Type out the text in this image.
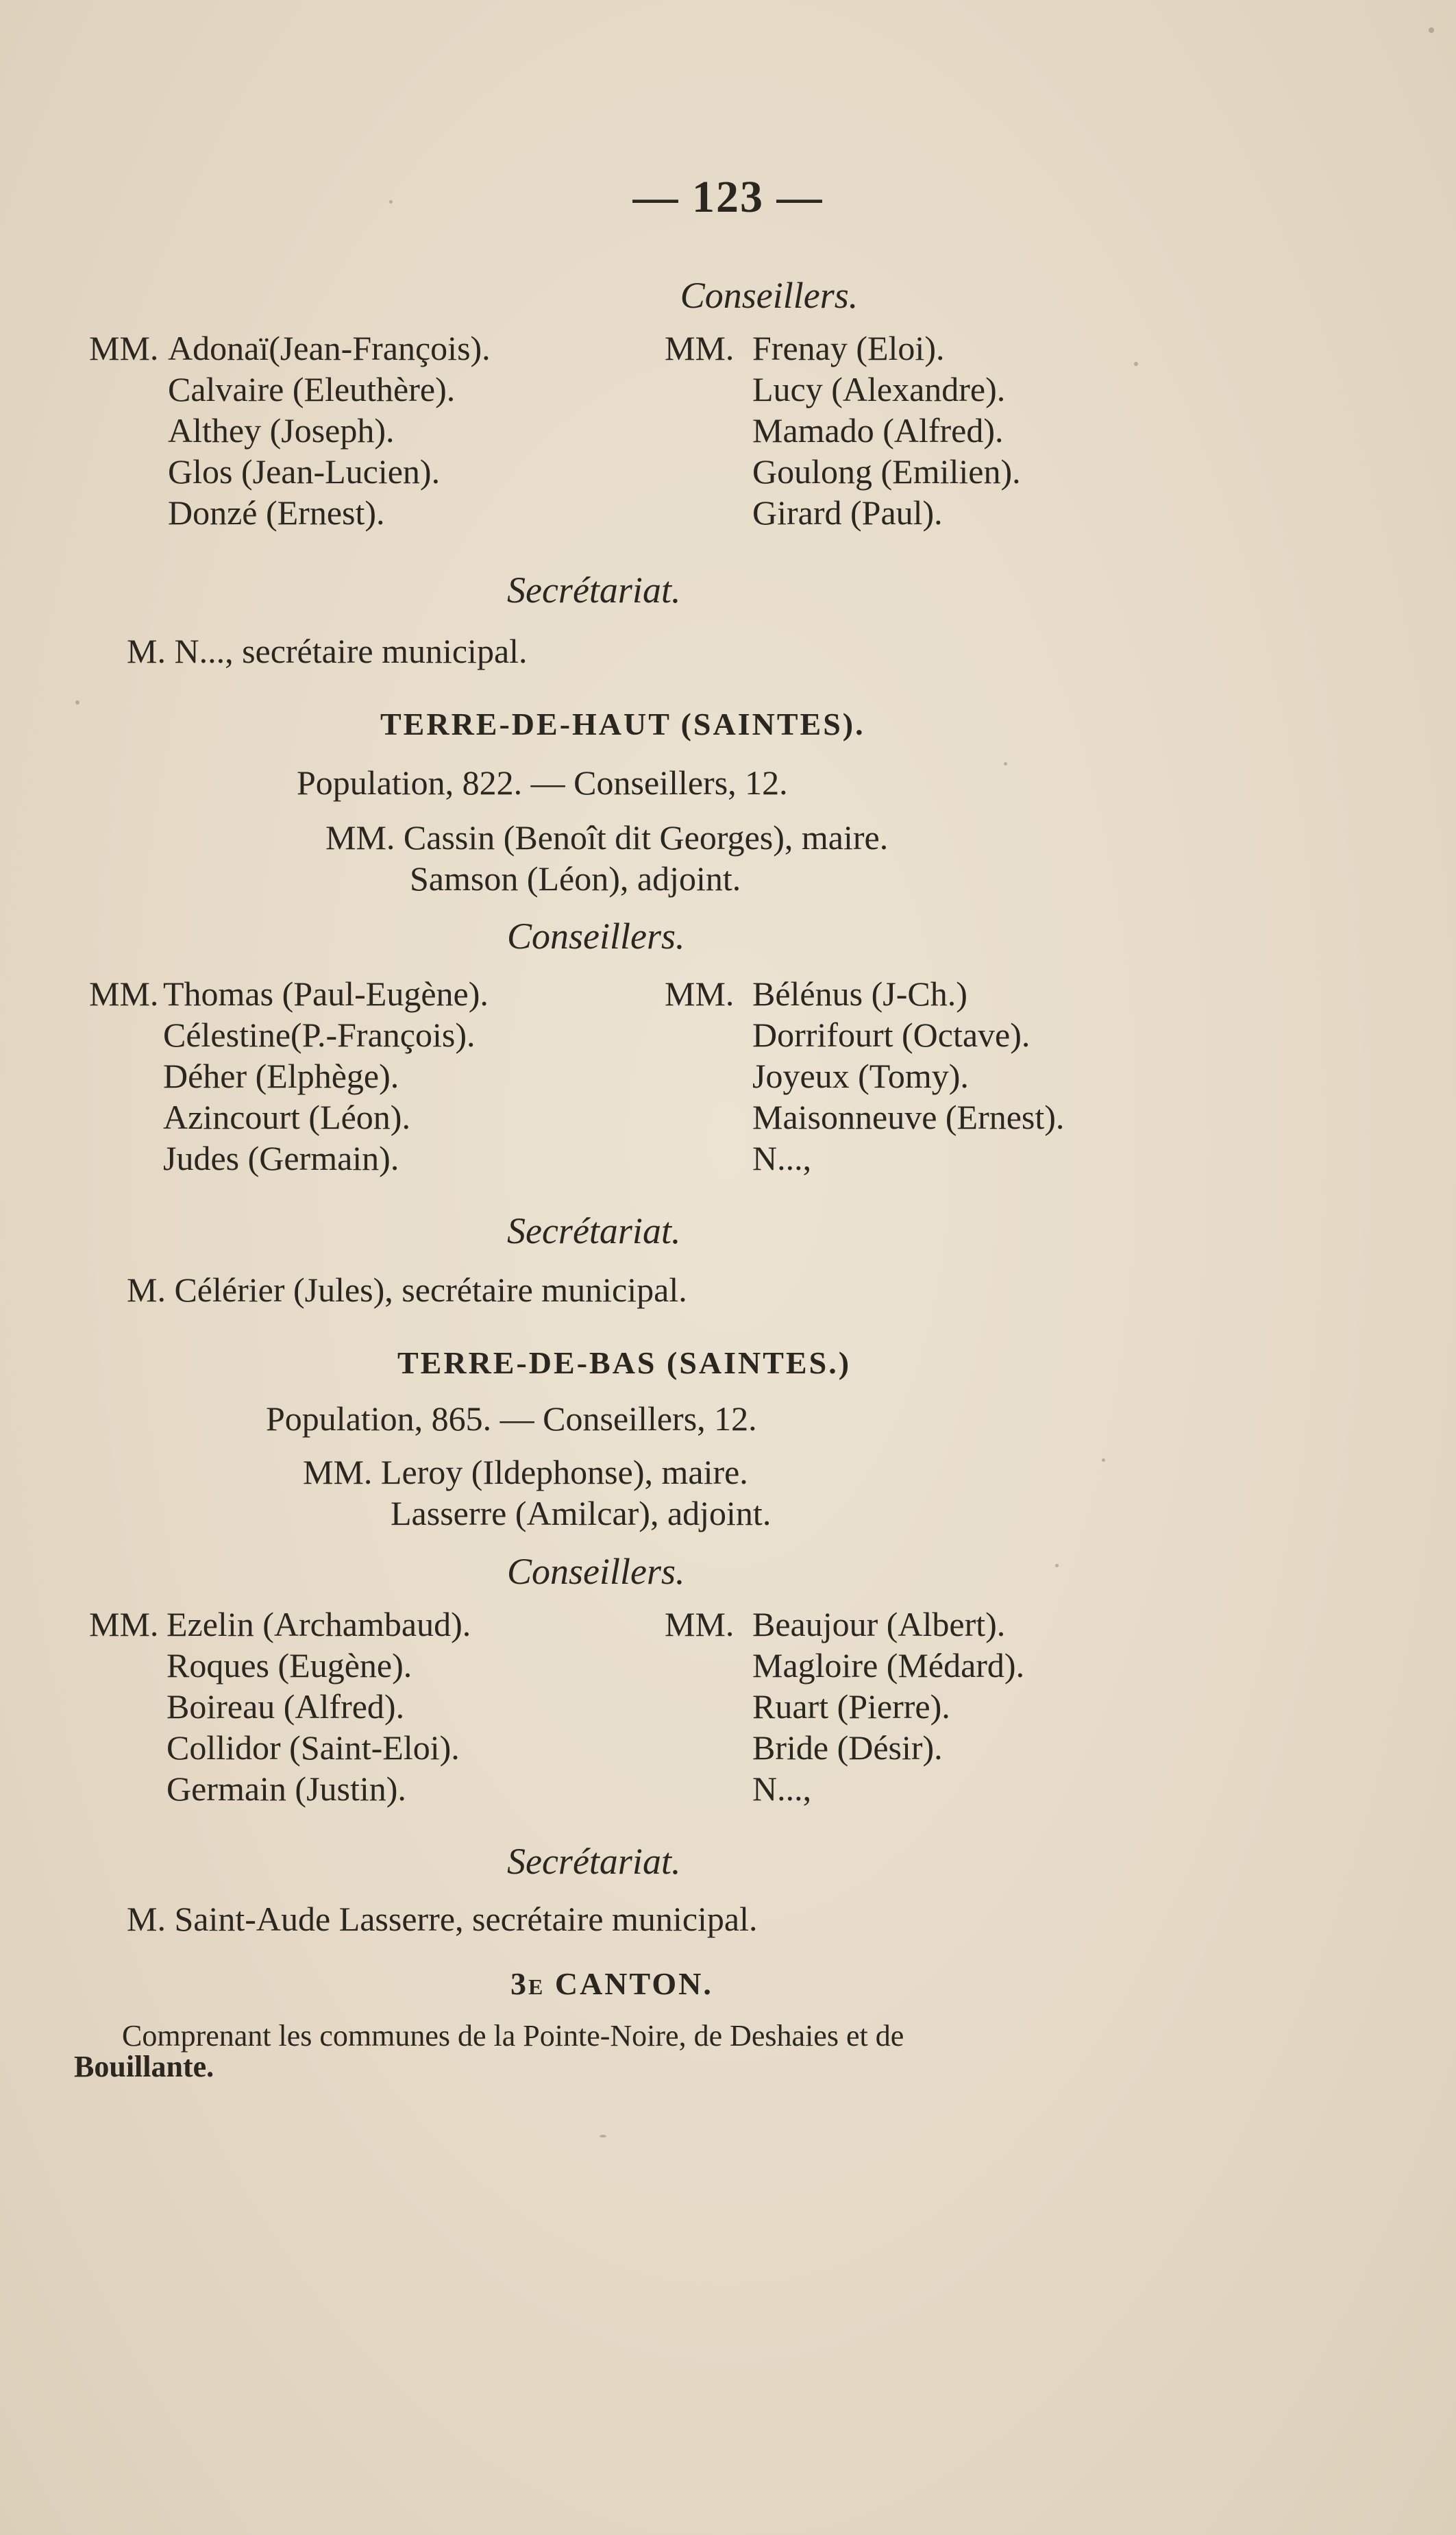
— 123 —
Conseillers.
MM. Adonaï(Jean-François).
Calvaire (Eleuthère).
Althey (Joseph).
Glos (Jean-Lucien).
Donzé (Ernest).
MM. Frenay (Eloi).
Lucy (Alexandre).
Mamado (Alfred).
Goulong (Emilien).
Girard (Paul).
Secrétariat.
M. N..., secrétaire municipal.
TERRE-DE-HAUT (SAINTES).
Population, 822. — Conseillers, 12.
MM. Cassin (Benoît dit Georges), maire.
Samson (Léon), adjoint.
Conseillers.
MM. Thomas (Paul-Eugène).
Célestine(P.-François).
Déher (Elphège).
Azincourt (Léon).
Judes (Germain).
MM. Bélénus (J-Ch.)
Dorrifourt (Octave).
Joyeux (Tomy).
Maisonneuve (Ernest).
N...,
Secrétariat.
M. Célérier (Jules), secrétaire municipal.
TERRE-DE-BAS (SAINTES.)
Population, 865. — Conseillers, 12.
MM. Leroy (Ildephonse), maire.
Lasserre (Amilcar), adjoint.
Conseillers.
MM. Ezelin (Archambaud).
Roques (Eugène).
Boireau (Alfred).
Collidor (Saint-Eloi).
Germain (Justin).
MM. Beaujour (Albert).
Magloire (Médard).
Ruart (Pierre).
Bride (Désir).
N...,
Secrétariat.
M. Saint-Aude Lasserre, secrétaire municipal.
3e CANTON.
Comprenant les communes de la Pointe-Noire, de Deshaies et de
Bouillante.
